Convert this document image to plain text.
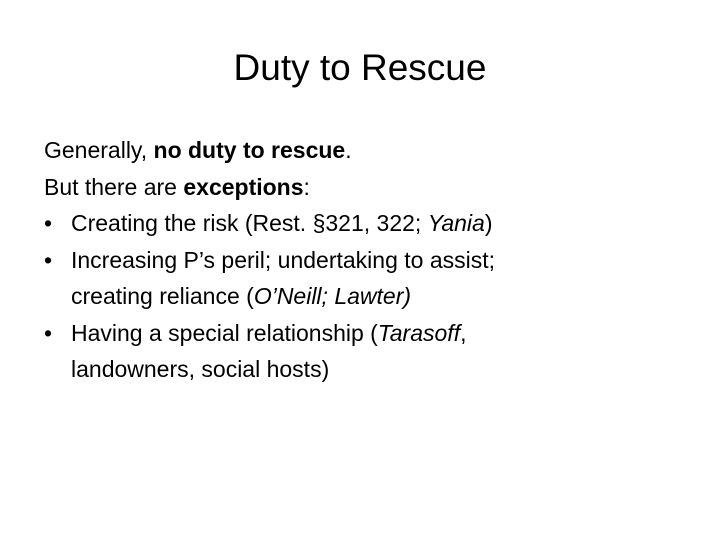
Duty to Rescue

Generally, no duty to rescue.

But there are exceptions:

• Creating the risk (Rest. §321, 322; Yania)
• Increasing P’s peril; undertaking to assist;
creating reliance (O’Neill; Lawter)
• Having a special relationship (Tarasoff,
landowners, social hosts)
